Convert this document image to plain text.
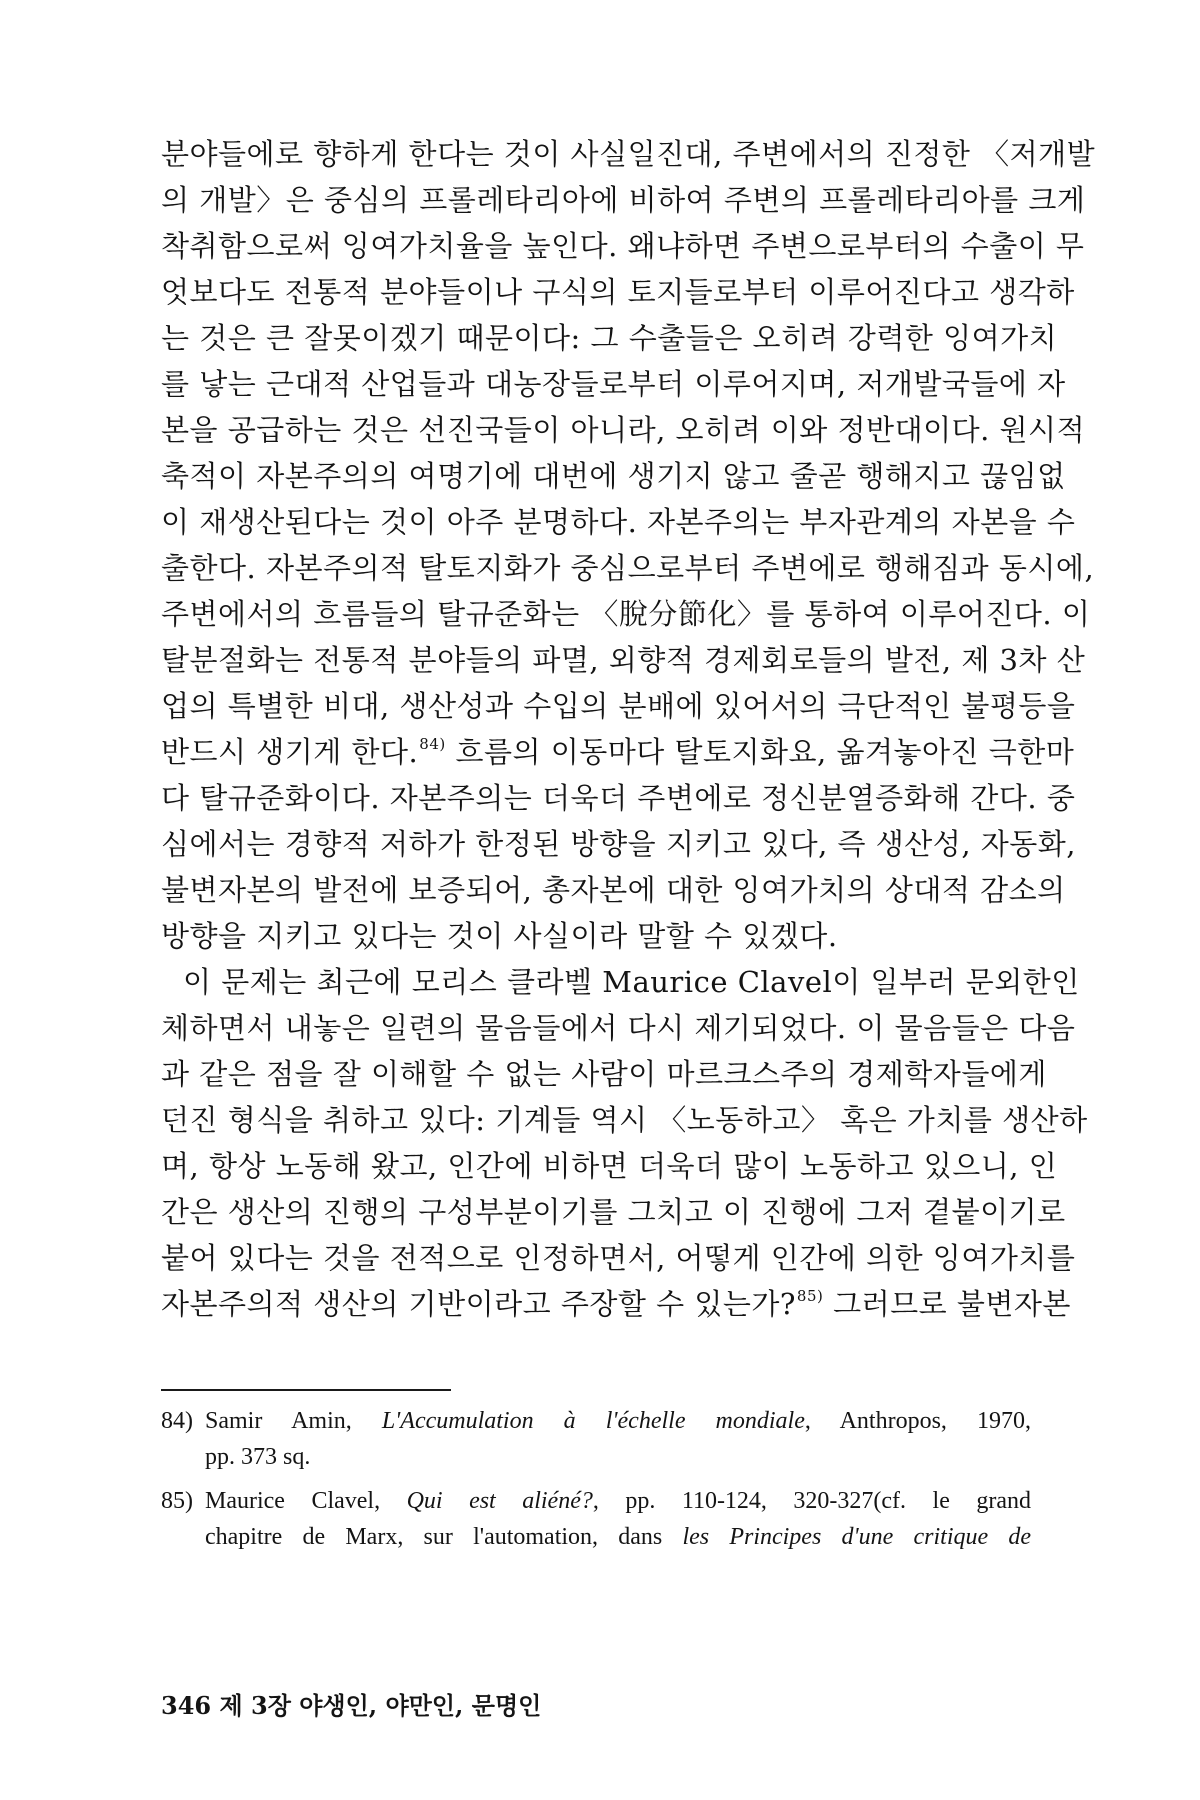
분야들에로 향하게 한다는 것이 사실일진대, 주변에서의 진정한 〈저개발
의 개발〉은 중심의 프롤레타리아에 비하여 주변의 프롤레타리아를 크게
착취함으로써 잉여가치율을 높인다. 왜냐하면 주변으로부터의 수출이 무
엇보다도 전통적 분야들이나 구식의 토지들로부터 이루어진다고 생각하
는 것은 큰 잘못이겠기 때문이다: 그 수출들은 오히려 강력한 잉여가치
를 낳는 근대적 산업들과 대농장들로부터 이루어지며, 저개발국들에 자
본을 공급하는 것은 선진국들이 아니라, 오히려 이와 정반대이다. 원시적
축적이 자본주의의 여명기에 대번에 생기지 않고 줄곧 행해지고 끊임없
이 재생산된다는 것이 아주 분명하다. 자본주의는 부자관계의 자본을 수
출한다. 자본주의적 탈토지화가 중심으로부터 주변에로 행해짐과 동시에,
주변에서의 흐름들의 탈규준화는 〈脫分節化〉를 통하여 이루어진다. 이
탈분절화는 전통적 분야들의 파멸, 외향적 경제회로들의 발전, 제 3차 산
업의 특별한 비대, 생산성과 수입의 분배에 있어서의 극단적인 불평등을
반드시 생기게 한다.$^{84)}$ 흐름의 이동마다 탈토지화요, 옮겨놓아진 극한마
다 탈규준화이다. 자본주의는 더욱더 주변에로 정신분열증화해 간다. 중
심에서는 경향적 저하가 한정된 방향을 지키고 있다, 즉 생산성, 자동화,
불변자본의 발전에 보증되어, 총자본에 대한 잉여가치의 상대적 감소의
방향을 지키고 있다는 것이 사실이라 말할 수 있겠다.
이 문제는 최근에 모리스 클라벨 Maurice Clavel이 일부러 문외한인
체하면서 내놓은 일련의 물음들에서 다시 제기되었다. 이 물음들은 다음
과 같은 점을 잘 이해할 수 없는 사람이 마르크스주의 경제학자들에게
던진 형식을 취하고 있다: 기계들 역시 〈노동하고〉 혹은 가치를 생산하
며, 항상 노동해 왔고, 인간에 비하면 더욱더 많이 노동하고 있으니, 인
간은 생산의 진행의 구성부분이기를 그치고 이 진행에 그저 곁붙이기로
붙어 있다는 것을 전적으로 인정하면서, 어떻게 인간에 의한 잉여가치를
자본주의적 생산의 기반이라고 주장할 수 있는가?$^{85)}$ 그러므로 불변자본
84) Samir Amin, L'Accumulation à l'échelle mondiale, Anthropos, 1970,
pp. 373 sq.
85) Maurice Clavel, Qui est aliéné?, pp. 110-124, 320-327(cf. le grand
chapitre de Marx, sur l'automation, dans les Principes d'une critique de
346 제 3장 야생인, 야만인, 문명인
